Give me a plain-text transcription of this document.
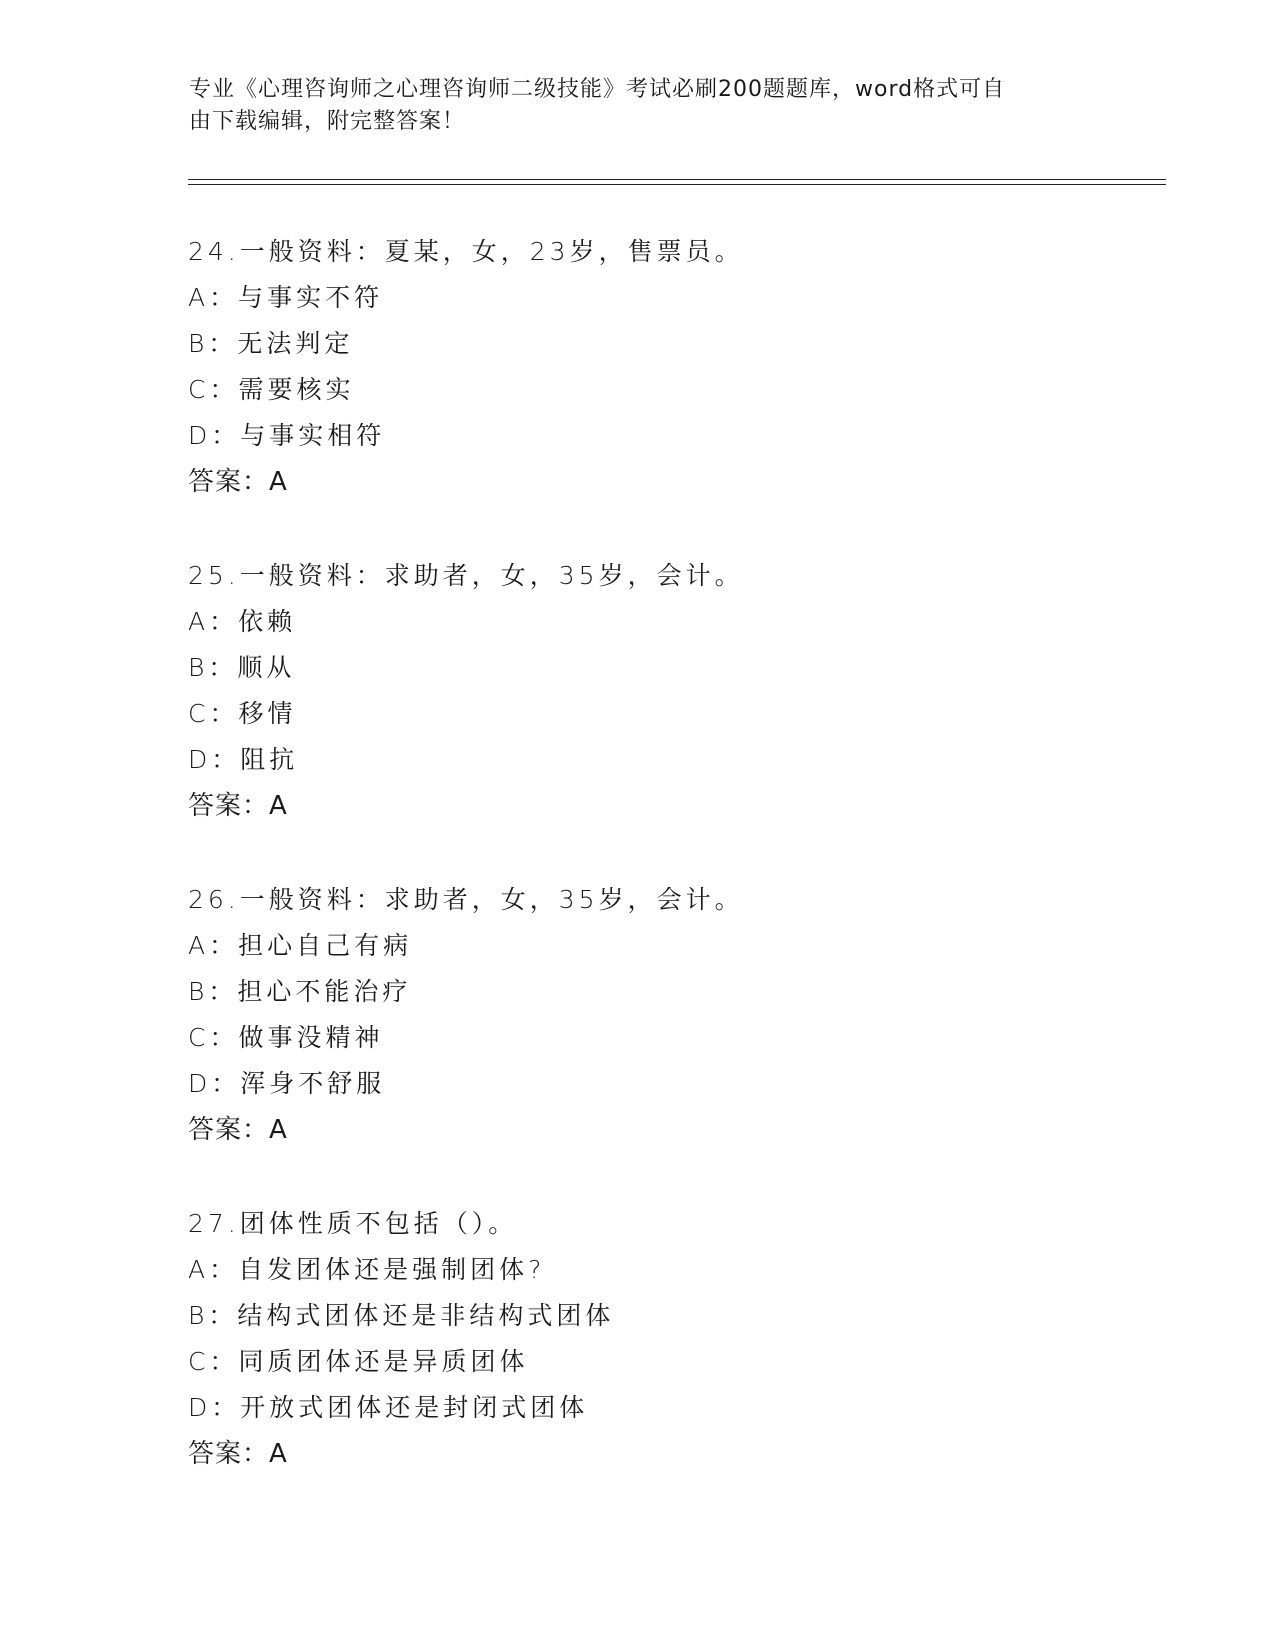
专业《心理咨询师之心理咨询师二级技能》考试必刷200题题库，word格式可自
由下载编辑，附完整答案！
24.一般资料：夏某，女，23岁，售票员。
A：与事实不符
B：无法判定
C：需要核实
D：与事实相符
答案：A
25.一般资料：求助者，女，35岁，会计。
A：依赖
B：顺从
C：移情
D：阻抗
答案：A
26.一般资料：求助者，女，35岁，会计。
A：担心自己有病
B：担心不能治疗
C：做事没精神
D：浑身不舒服
答案：A
27.团体性质不包括（）。
A：自发团体还是强制团体?
B：结构式团体还是非结构式团体
C：同质团体还是异质团体
D：开放式团体还是封闭式团体
答案：A
